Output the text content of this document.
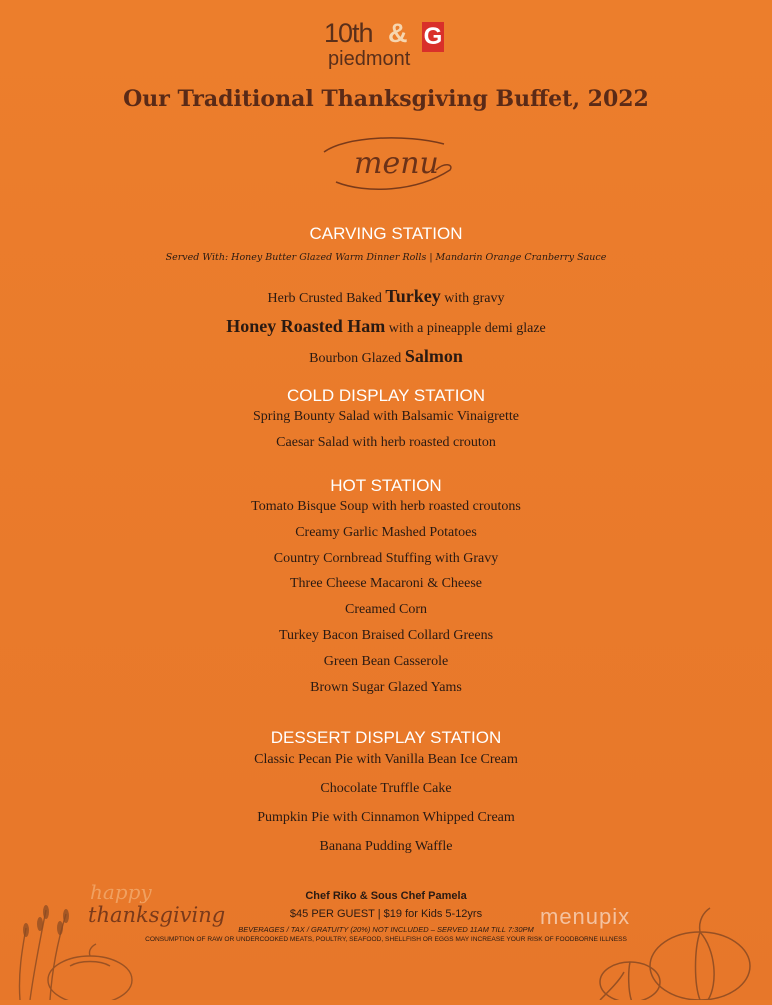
10th &
piedmont
G
Our Traditional Thanksgiving Buffet, 2022
menu
CARVING STATION
Served With: Honey Butter Glazed Warm Dinner Rolls | Mandarin Orange Cranberry Sauce
Herb Crusted Baked Turkey with gravy
Honey Roasted Ham with a pineapple demi glaze
Bourbon Glazed Salmon
COLD DISPLAY STATION
Spring Bounty Salad with Balsamic Vinaigrette
Caesar Salad with herb roasted crouton
HOT STATION
Tomato Bisque Soup with herb roasted croutons
Creamy Garlic Mashed Potatoes
Country Cornbread Stuffing with Gravy
Three Cheese Macaroni & Cheese
Creamed Corn
Turkey Bacon Braised Collard Greens
Green Bean Casserole
Brown Sugar Glazed Yams
DESSERT DISPLAY STATION
Classic Pecan Pie with Vanilla Bean Ice Cream
Chocolate Truffle Cake
Pumpkin Pie with Cinnamon Whipped Cream
Banana Pudding Waffle
happy
thanksgiving	menupix
Chef Riko & Sous Chef Pamela
$45 PER GUEST | $19 for Kids 5-12yrs
BEVERAGES / TAX / GRATUITY (20%) NOT INCLUDED – SERVED 11AM TILL 7:30PM
CONSUMPTION OF RAW OR UNDERCOOKED MEATS, POULTRY, SEAFOOD, SHELLFISH OR EGGS MAY INCREASE YOUR RISK OF FOODBORNE ILLNESS
